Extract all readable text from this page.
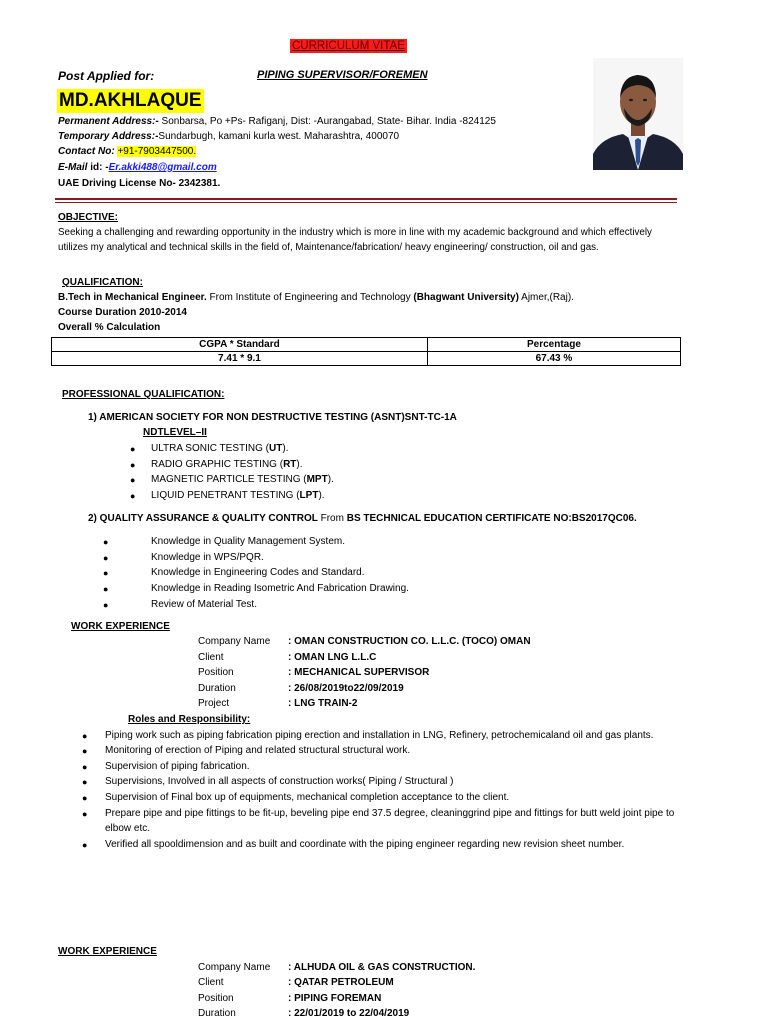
CURRICULUM VITAE
Post Applied for:	PIPING SUPERVISOR/FOREMEN
MD.AKHLAQUE
Permanent Address:- Sonbarsa, Po +Ps- Rafiganj, Dist: -Aurangabad, State- Bihar. India -824125
Temporary Address:-Sundarbugh, kamani kurla west. Maharashtra, 400070
Contact No: +91-7903447500.
E-Mail id: -Er.akki488@gmail.com
UAE Driving License No- 2342381.
OBJECTIVE:
Seeking a challenging and rewarding opportunity in the industry which is more in line with my academic background and which effectively
utilizes my analytical and technical skills in the field of, Maintenance/fabrication/ heavy engineering/ construction, oil and gas.
QUALIFICATION:
B.Tech in Mechanical Engineer. From Institute of Engineering and Technology (Bhagwant University) Ajmer,(Raj).
Course Duration 2010-2014
Overall % Calculation
CGPA * Standard	Percentage
7.41 * 9.1	67.43 %
PROFESSIONAL QUALIFICATION:
1) AMERICAN SOCIETY FOR NON DESTRUCTIVE TESTING (ASNT)SNT-TC-1A
NDTLEVEL–II
● ULTRA SONIC TESTING (UT).
● RADIO GRAPHIC TESTING (RT).
● MAGNETIC PARTICLE TESTING (MPT).
● LIQUID PENETRANT TESTING (LPT).
2) QUALITY ASSURANCE & QUALITY CONTROL From BS TECHNICAL EDUCATION CERTIFICATE NO:BS2017QC06.
●	Knowledge in Quality Management System.
●	Knowledge in WPS/PQR.
●	Knowledge in Engineering Codes and Standard.
●	Knowledge in Reading Isometric And Fabrication Drawing.
●	Review of Material Test.
WORK EXPERIENCE
Company Name : OMAN CONSTRUCTION CO. L.L.C. (TOCO) OMAN
Client	: OMAN LNG L.L.C
Position	: MECHANICAL SUPERVISOR
Duration	: 26/08/2019to22/09/2019
Project	: LNG TRAIN-2
Roles and Responsibility:
● Piping work such as piping fabrication piping erection and installation in LNG, Refinery, petrochemicaland oil and gas plants.
● Monitoring of erection of Piping and related structural structural work.
● Supervision of piping fabrication.
● Supervisions, Involved in all aspects of construction works( Piping / Structural )
● Supervision of Final box up of equipments, mechanical completion acceptance to the client.
● Prepare pipe and pipe fittings to be fit-up, beveling pipe end 37.5 degree, cleaninggrind pipe and fittings for butt weld joint pipe to
elbow etc.
● Verified all spooldimension and as built and coordinate with the piping engineer regarding new revision sheet number.
WORK EXPERIENCE
Company Name : ALHUDA OIL & GAS CONSTRUCTION.
Client	: QATAR PETROLEUM
Position	: PIPING FOREMAN
Duration	: 22/01/2019 to 22/04/2019
